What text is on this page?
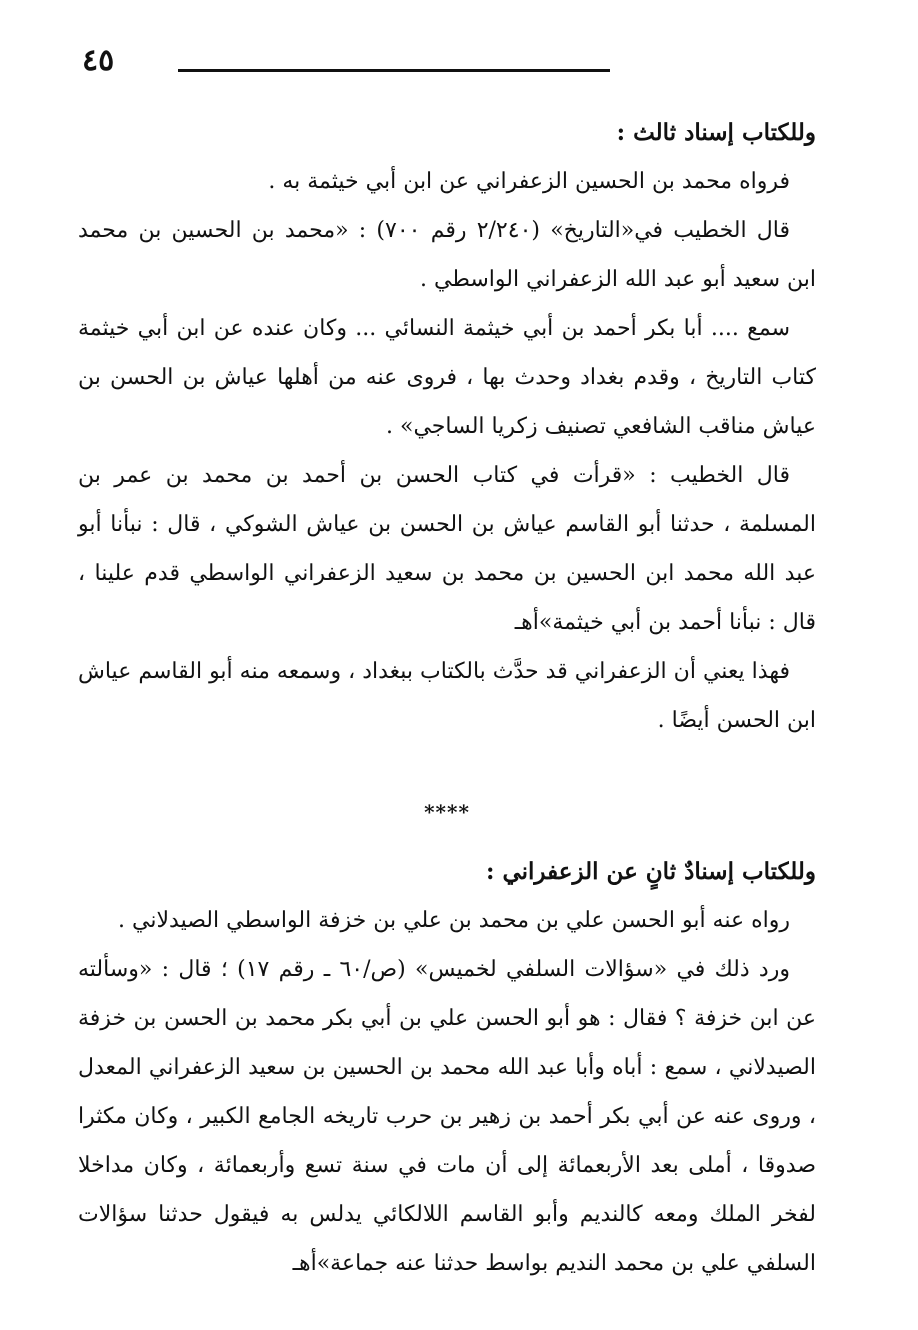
٤٥

وللكتاب إسناد ثالث :

فرواه محمد بن الحسين الزعفراني عن ابن أبي خيثمة به .

قال الخطيب في«التاريخ» (٢/٢٤٠ رقم ٧٠٠) : «محمد بن الحسين بن محمد ابن سعيد أبو عبد الله الزعفراني الواسطي .

سمع .... أبا بكر أحمد بن أبي خيثمة النسائي ... وكان عنده عن ابن أبي خيثمة كتاب التاريخ ، وقدم بغداد وحدث بها ، فروى عنه من أهلها عياش بن الحسن بن عياش مناقب الشافعي تصنيف زكريا الساجي» .

قال الخطيب : «قرأت في كتاب الحسن بن أحمد بن محمد بن عمر بن المسلمة ، حدثنا أبو القاسم عياش بن الحسن بن عياش الشوكي ، قال : نبأنا أبو عبد الله محمد ابن الحسين بن محمد بن سعيد الزعفراني الواسطي قدم علينا ، قال : نبأنا أحمد بن أبي خيثمة»أهـ

فهذا يعني أن الزعفراني قد حدَّث بالكتاب ببغداد ، وسمعه منه أبو القاسم عياش ابن الحسن أيضًا .

****

وللكتاب إسنادٌ ثانٍ عن الزعفراني :

رواه عنه أبو الحسن علي بن محمد بن علي بن خزفة الواسطي الصيدلاني .

ورد ذلك في «سؤالات السلفي لخميس» (ص/٦٠ ـ رقم ١٧) ؛ قال : «وسألته عن ابن خزفة ؟ فقال : هو أبو الحسن علي بن أبي بكر محمد بن الحسن بن خزفة الصيدلاني ، سمع : أباه وأبا عبد الله محمد بن الحسين بن سعيد الزعفراني المعدل ، وروى عنه عن أبي بكر أحمد بن زهير بن حرب تاريخه الجامع الكبير ، وكان مكثرا صدوقا ، أملى بعد الأربعمائة إلى أن مات في سنة تسع وأربعمائة ، وكان مداخلا لفخر الملك ومعه كالنديم وأبو القاسم اللالكائي يدلس به فيقول حدثنا سؤالات السلفي علي بن محمد النديم بواسط حدثنا عنه جماعة»أهـ
